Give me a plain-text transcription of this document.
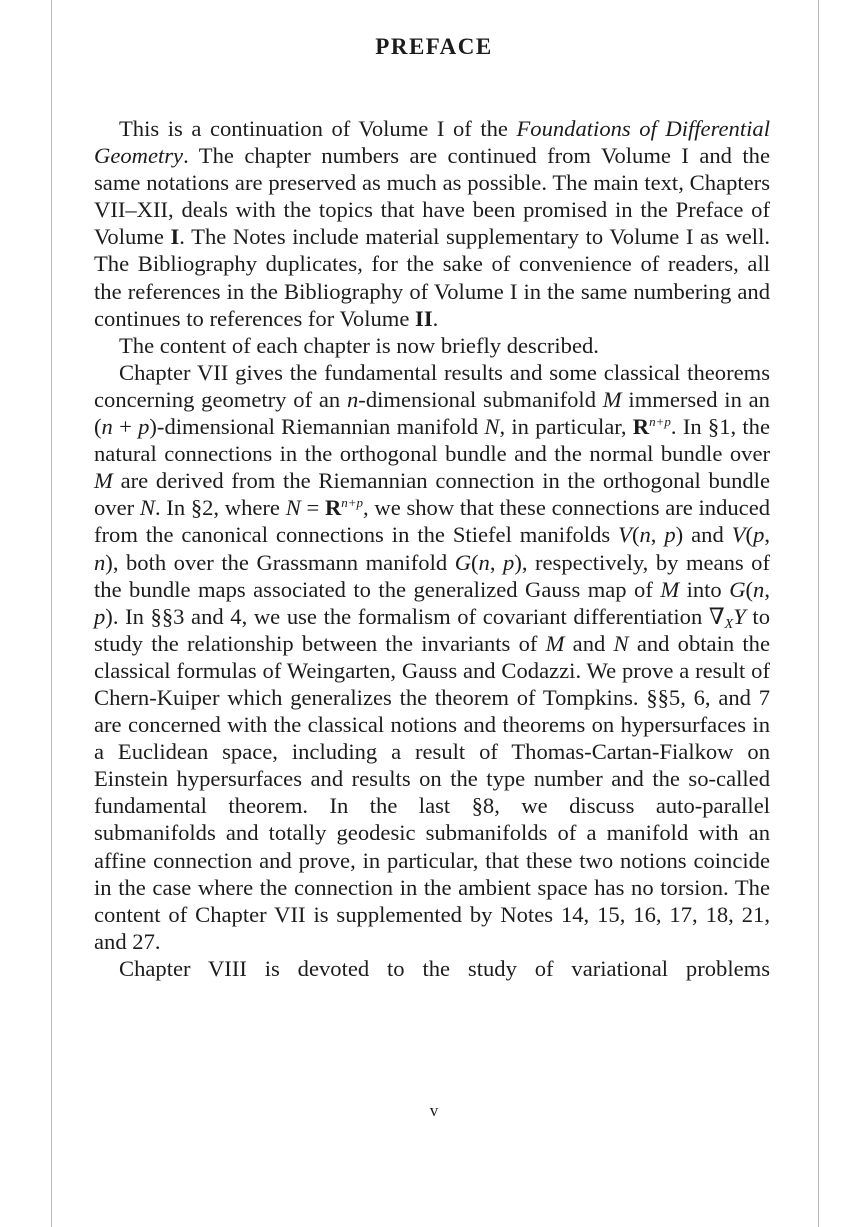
PREFACE

This is a continuation of Volume I of the Foundations of Differential Geometry. The chapter numbers are continued from Volume I and the same notations are preserved as much as possible. The main text, Chapters VII–XII, deals with the topics that have been promised in the Preface of Volume I. The Notes include material supplementary to Volume I as well. The Bibliography duplicates, for the sake of convenience of readers, all the references in the Bibliography of Volume I in the same numbering and continues to references for Volume II.

The content of each chapter is now briefly described.

Chapter VII gives the fundamental results and some classical theorems concerning geometry of an n-dimensional submanifold M immersed in an (n + p)-dimensional Riemannian manifold N, in particular, $R^{n+p}$. In §1, the natural connections in the orthogonal bundle and the normal bundle over M are derived from the Riemannian connection in the orthogonal bundle over N. In §2, where $N = R^{n+p}$, we show that these connections are induced from the canonical connections in the Stiefel manifolds V(n, p) and V(p, n), both over the Grassmann manifold G(n, p), respectively, by means of the bundle maps associated to the generalized Gauss map of M into G(n, p). In §§3 and 4, we use the formalism of covariant differentiation $\nabla_XY$ to study the relationship between the invariants of M and N and obtain the classical formulas of Weingarten, Gauss and Codazzi. We prove a result of Chern-Kuiper which generalizes the theorem of Tompkins. §§5, 6, and 7 are concerned with the classical notions and theorems on hypersurfaces in a Euclidean space, including a result of Thomas-Cartan-Fialkow on Einstein hypersurfaces and results on the type number and the so-called fundamental theorem. In the last §8, we discuss auto-parallel submanifolds and totally geodesic submanifolds of a manifold with an affine connection and prove, in particular, that these two notions coincide in the case where the connection in the ambient space has no torsion. The content of Chapter VII is supplemented by Notes 14, 15, 16, 17, 18, 21, and 27.

Chapter VIII is devoted to the study of variational problems

v
